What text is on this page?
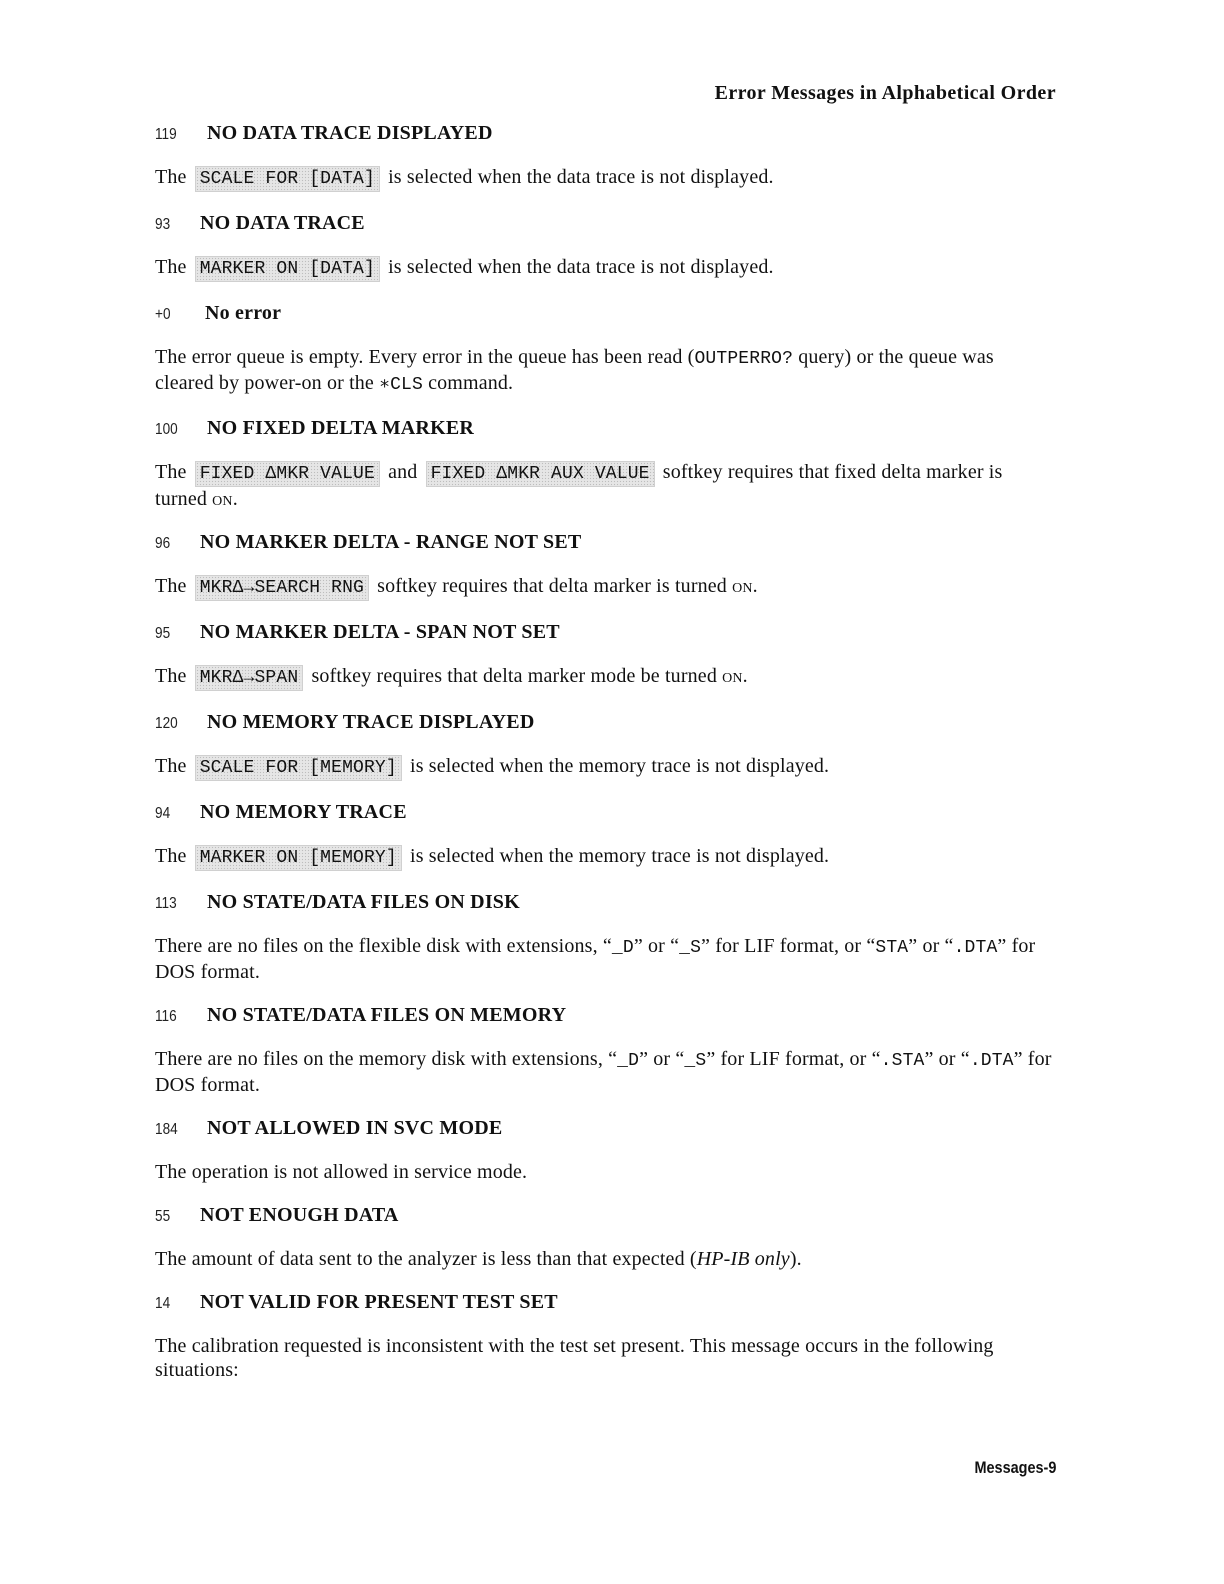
Error Messages in Alphabetical Order
119	NO DATA TRACE DISPLAYED

The SCALE FOR [DATA] is selected when the data trace is not displayed.

93	NO DATA TRACE

The MARKER ON [DATA] is selected when the data trace is not displayed.

+0	No error

The error queue is empty. Every error in the queue has been read (OUTPERRO? query) or the queue was cleared by power-on or the ∗CLS command.

100	NO FIXED DELTA MARKER

The FIXED ΔMKR VALUE and FIXED ΔMKR AUX VALUE softkey requires that fixed delta marker is turned on.

96	NO MARKER DELTA - RANGE NOT SET

The MKRΔ→SEARCH RNG softkey requires that delta marker is turned on.

95	NO MARKER DELTA - SPAN NOT SET

The MKRΔ→SPAN softkey requires that delta marker mode be turned on.

120	NO MEMORY TRACE DISPLAYED

The SCALE FOR [MEMORY] is selected when the memory trace is not displayed.

94	NO MEMORY TRACE

The MARKER ON [MEMORY] is selected when the memory trace is not displayed.

113	NO STATE/DATA FILES ON DISK

There are no files on the flexible disk with extensions, “_D” or “_S” for LIF format, or “STA” or “.DTA” for DOS format.

116	NO STATE/DATA FILES ON MEMORY

There are no files on the memory disk with extensions, “_D” or “_S” for LIF format, or “.STA” or “.DTA” for DOS format.

184	NOT ALLOWED IN SVC MODE

The operation is not allowed in service mode.

55	NOT ENOUGH DATA

The amount of data sent to the analyzer is less than that expected (HP-IB only).

14	NOT VALID FOR PRESENT TEST SET

The calibration requested is inconsistent with the test set present. This message occurs in the following situations:

Messages-9
